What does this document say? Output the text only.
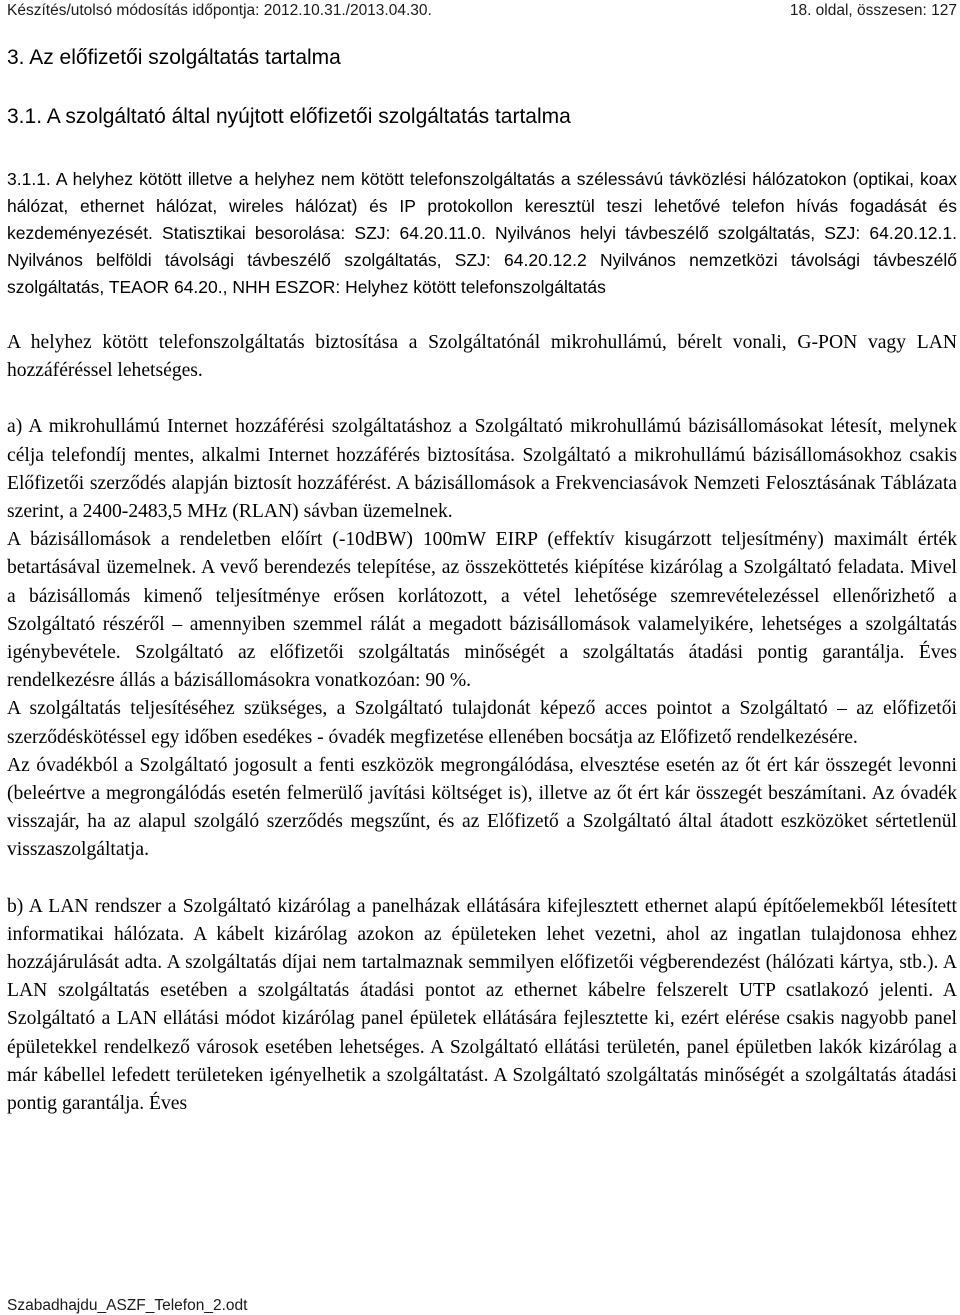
Készítés/utolsó módosítás időpontja: 2012.10.31./2013.04.30.	18. oldal, összesen: 127
3. Az előfizetői szolgáltatás tartalma
3.1. A szolgáltató által nyújtott előfizetői szolgáltatás tartalma

3.1.1. A helyhez kötött illetve a helyhez nem kötött telefonszolgáltatás a szélessávú távközlési hálózatokon (optikai, koax hálózat, ethernet hálózat, wireles hálózat) és IP protokollon keresztül teszi lehetővé telefon hívás fogadását és kezdeményezését. Statisztikai besorolása: SZJ: 64.20.11.0. Nyilvános helyi távbeszélő szolgáltatás, SZJ: 64.20.12.1. Nyilvános belföldi távolsági távbeszélő szolgáltatás, SZJ: 64.20.12.2 Nyilvános nemzetközi távolsági távbeszélő szolgáltatás, TEAOR 64.20., NHH ESZOR: Helyhez kötött telefonszolgáltatás

A helyhez kötött telefonszolgáltatás biztosítása a Szolgáltatónál mikrohullámú, bérelt vonali, G-PON vagy LAN hozzáféréssel lehetséges.

a) A mikrohullámú Internet hozzáférési szolgáltatáshoz a Szolgáltató mikrohullámú bázisállomásokat létesít, melynek célja telefondíj mentes, alkalmi Internet hozzáférés biztosítása. Szolgáltató a mikrohullámú bázisállomásokhoz csakis Előfizetői szerződés alapján biztosít hozzáférést. A bázisállomások a Frekvenciasávok Nemzeti Felosztásának Táblázata szerint, a 2400-2483,5 MHz (RLAN) sávban üzemelnek.

A bázisállomások a rendeletben előírt (-10dBW) 100mW EIRP (effektív kisugárzott teljesítmény) maximált érték betartásával üzemelnek. A vevő berendezés telepítése, az összeköttetés kiépítése kizárólag a Szolgáltató feladata. Mivel a bázisállomás kimenő teljesítménye erősen korlátozott, a vétel lehetősége szemrevételezéssel ellenőrizhető a Szolgáltató részéről – amennyiben szemmel rálát a megadott bázisállomások valamelyikére, lehetséges a szolgáltatás igénybevétele. Szolgáltató az előfizetői szolgáltatás minőségét a szolgáltatás átadási pontig garantálja. Éves rendelkezésre állás a bázisállomásokra vonatkozóan: 90 %.

A szolgáltatás teljesítéséhez szükséges, a Szolgáltató tulajdonát képező acces pointot a Szolgáltató – az előfizetői szerződéskötéssel egy időben esedékes - óvadék megfizetése ellenében bocsátja az Előfizető rendelkezésére.

Az óvadékból a Szolgáltató jogosult a fenti eszközök megrongálódása, elvesztése esetén az őt ért kár összegét levonni (beleértve a megrongálódás esetén felmerülő javítási költséget is), illetve az őt ért kár összegét beszámítani. Az óvadék visszajár, ha az alapul szolgáló szerződés megszűnt, és az Előfizető a Szolgáltató által átadott eszközöket sértetlenül visszaszolgáltatja.

b) A LAN rendszer a Szolgáltató kizárólag a panelházak ellátására kifejlesztett ethernet alapú építőelemekből létesített informatikai hálózata. A kábelt kizárólag azokon az épületeken lehet vezetni, ahol az ingatlan tulajdonosa ehhez hozzájárulását adta. A szolgáltatás díjai nem tartalmaznak semmilyen előfizetői végberendezést (hálózati kártya, stb.). A LAN szolgáltatás esetében a szolgáltatás átadási pontot az ethernet kábelre felszerelt UTP csatlakozó jelenti. A Szolgáltató a LAN ellátási módot kizárólag panel épületek ellátására fejlesztette ki, ezért elérése csakis nagyobb panel épületekkel rendelkező városok esetében lehetséges. A Szolgáltató ellátási területén, panel épületben lakók kizárólag a már kábellel lefedett területeken igényelhetik a szolgáltatást. A Szolgáltató szolgáltatás minőségét a szolgáltatás átadási pontig garantálja. Éves

Szabadhajdu_ASZF_Telefon_2.odt
